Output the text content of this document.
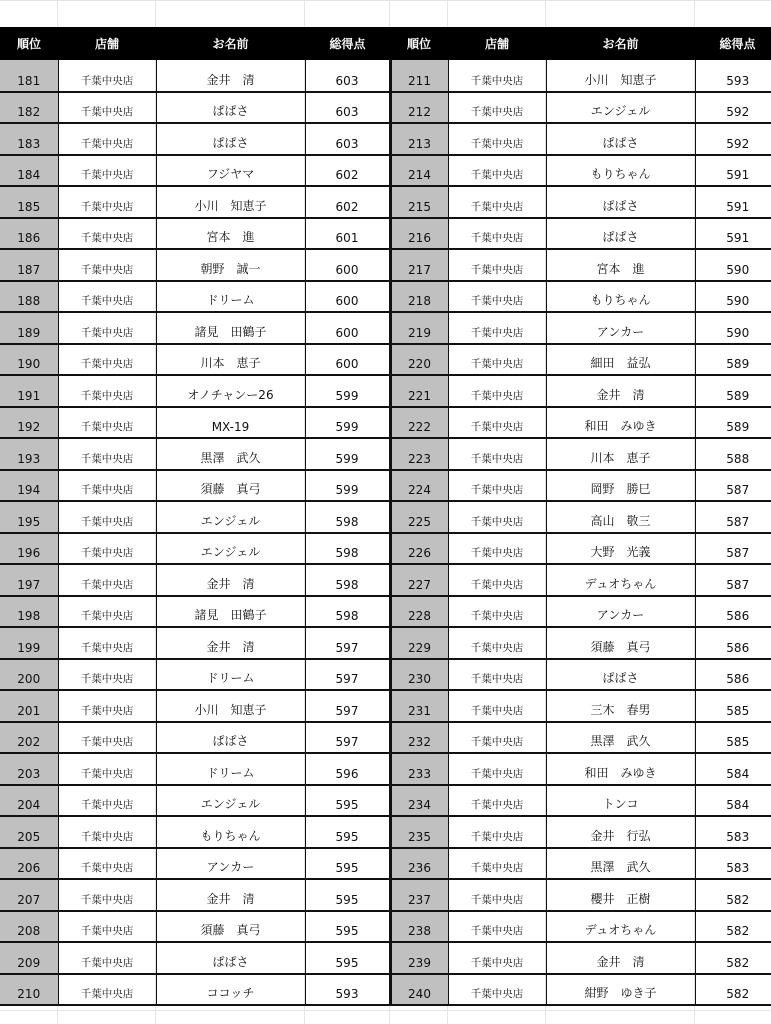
順位	店舗	お名前	総得点	順位	店舗	お名前	総得点
181	千葉中央店	金井　清	603	211	千葉中央店	小川　知恵子	593
182	千葉中央店	ぱぱさ	603	212	千葉中央店	エンジェル	592
183	千葉中央店	ぱぱさ	603	213	千葉中央店	ぱぱさ	592
184	千葉中央店	フジヤマ	602	214	千葉中央店	もりちゃん	591
185	千葉中央店	小川　知恵子	602	215	千葉中央店	ぱぱさ	591
186	千葉中央店	宮本　進	601	216	千葉中央店	ぱぱさ	591
187	千葉中央店	朝野　誠一	600	217	千葉中央店	宮本　進	590
188	千葉中央店	ドリーム	600	218	千葉中央店	もりちゃん	590
189	千葉中央店	諸見　田鶴子	600	219	千葉中央店	アンカー	590
190	千葉中央店	川本　恵子	600	220	千葉中央店	細田　益弘	589
191	千葉中央店	オノチャンー26	599	221	千葉中央店	金井　清	589
192	千葉中央店	MX-19	599	222	千葉中央店	和田　みゆき	589
193	千葉中央店	黒澤　武久	599	223	千葉中央店	川本　恵子	588
194	千葉中央店	須藤　真弓	599	224	千葉中央店	岡野　勝巳	587
195	千葉中央店	エンジェル	598	225	千葉中央店	高山　敬三	587
196	千葉中央店	エンジェル	598	226	千葉中央店	大野　光義	587
197	千葉中央店	金井　清	598	227	千葉中央店	デュオちゃん	587
198	千葉中央店	諸見　田鶴子	598	228	千葉中央店	アンカー	586
199	千葉中央店	金井　清	597	229	千葉中央店	須藤　真弓	586
200	千葉中央店	ドリーム	597	230	千葉中央店	ぱぱさ	586
201	千葉中央店	小川　知恵子	597	231	千葉中央店	三木　春男	585
202	千葉中央店	ぱぱさ	597	232	千葉中央店	黒澤　武久	585
203	千葉中央店	ドリーム	596	233	千葉中央店	和田　みゆき	584
204	千葉中央店	エンジェル	595	234	千葉中央店	トンコ	584
205	千葉中央店	もりちゃん	595	235	千葉中央店	金井　行弘	583
206	千葉中央店	アンカー	595	236	千葉中央店	黒澤　武久	583
207	千葉中央店	金井　清	595	237	千葉中央店	櫻井　正樹	582
208	千葉中央店	須藤　真弓	595	238	千葉中央店	デュオちゃん	582
209	千葉中央店	ぱぱさ	595	239	千葉中央店	金井　清	582
210	千葉中央店	ココッチ	593	240	千葉中央店	紺野　ゆき子	582
